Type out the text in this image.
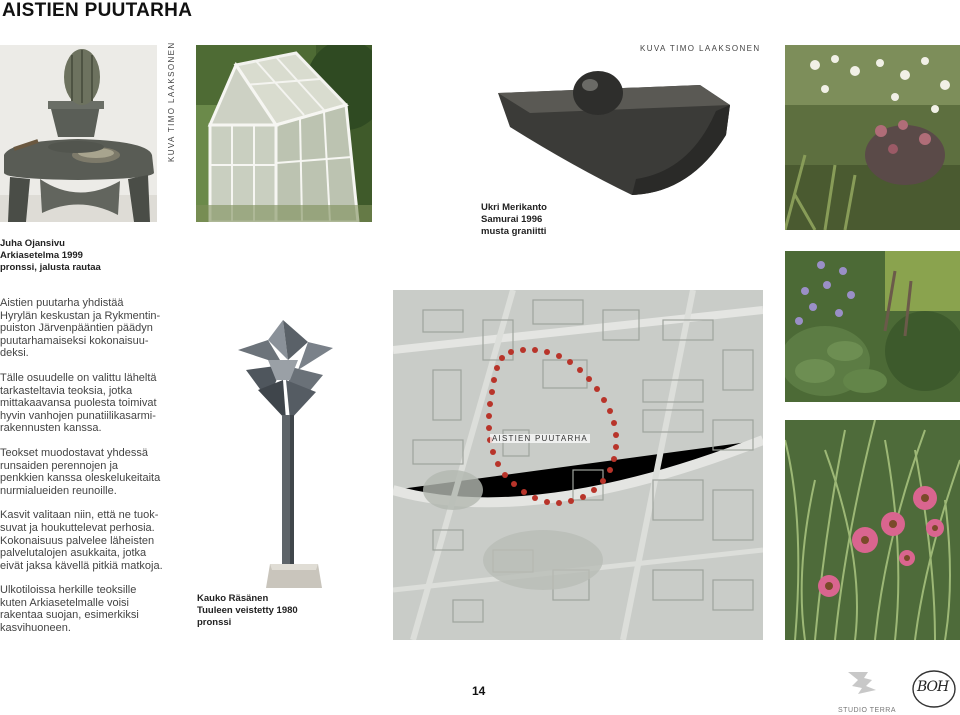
AISTIEN PUUTARHA
KUVA TIMO LAAKSONEN	KUVA TIMO LAAKSONEN
Ukri Merikanto
Samurai 1996
musta graniitti
Juha Ojansivu
Arkiasetelma 1999
pronssi, jalusta rautaa

Aistien puutarha yhdistää
Hyrylän keskustan ja Rykmentin-
puiston Järvenpääntien päädyn
puutarhamaiseksi kokonaisuu-
deksi.

Tälle osuudelle on valittu läheltä
tarkasteltavia teoksia, jotka
mittakaavansa puolesta toimivat
hyvin vanhojen punatiilikasarmi-
rakennusten kanssa.

Teokset muodostavat yhdessä
runsaiden perennojen ja
penkkien kanssa oleskelukeitaita
nurmialueiden reunoille.

Kasvit valitaan niin, että ne tuok-
suvat ja houkuttelevat perhosia.
Kokonaisuus palvelee läheisten
palvelutalojen asukkaita, jotka
eivät jaksa kävellä pitkiä matkoja.

Ulkotiloissa herkille teoksille
kuten Arkiasetelmalle voisi
rakentaa suojan, esimerkiksi
kasvihuoneen.

Kauko Räsänen
Tuuleen veistetty 1980
pronssi
AISTIEN PUUTARHA
14
STUDIO TERRA
BOH
